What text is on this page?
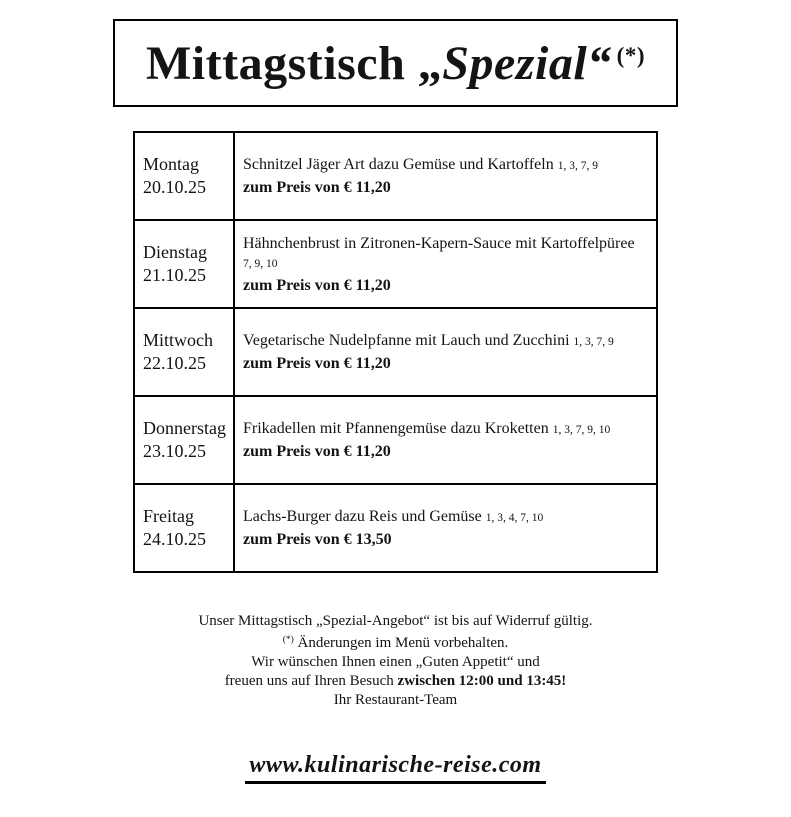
Mittagstisch „Spezial“ (*)
Montag
20.10.25

Schnitzel Jäger Art dazu Gemüse und Kartoffeln 1, 3, 7, 9
zum Preis von € 11,20

Dienstag
21.10.25

Hähnchenbrust in Zitronen-Kapern-Sauce mit Kartoffelpüree 7, 9, 10
zum Preis von € 11,20

Mittwoch
22.10.25

Vegetarische Nudelpfanne mit Lauch und Zucchini 1, 3, 7, 9
zum Preis von € 11,20

Donnerstag
23.10.25

Frikadellen mit Pfannengemüse dazu Kroketten 1, 3, 7, 9, 10
zum Preis von € 11,20

Freitag
24.10.25

Lachs-Burger dazu Reis und Gemüse 1, 3, 4, 7, 10
zum Preis von € 13,50
Unser Mittagstisch „Spezial-Angebot“ ist bis auf Widerruf gültig.
(*) Änderungen im Menü vorbehalten.
Wir wünschen Ihnen einen „Guten Appetit“ und
freuen uns auf Ihren Besuch zwischen 12:00 und 13:45!
Ihr Restaurant-Team
www.kulinarische-reise.com
